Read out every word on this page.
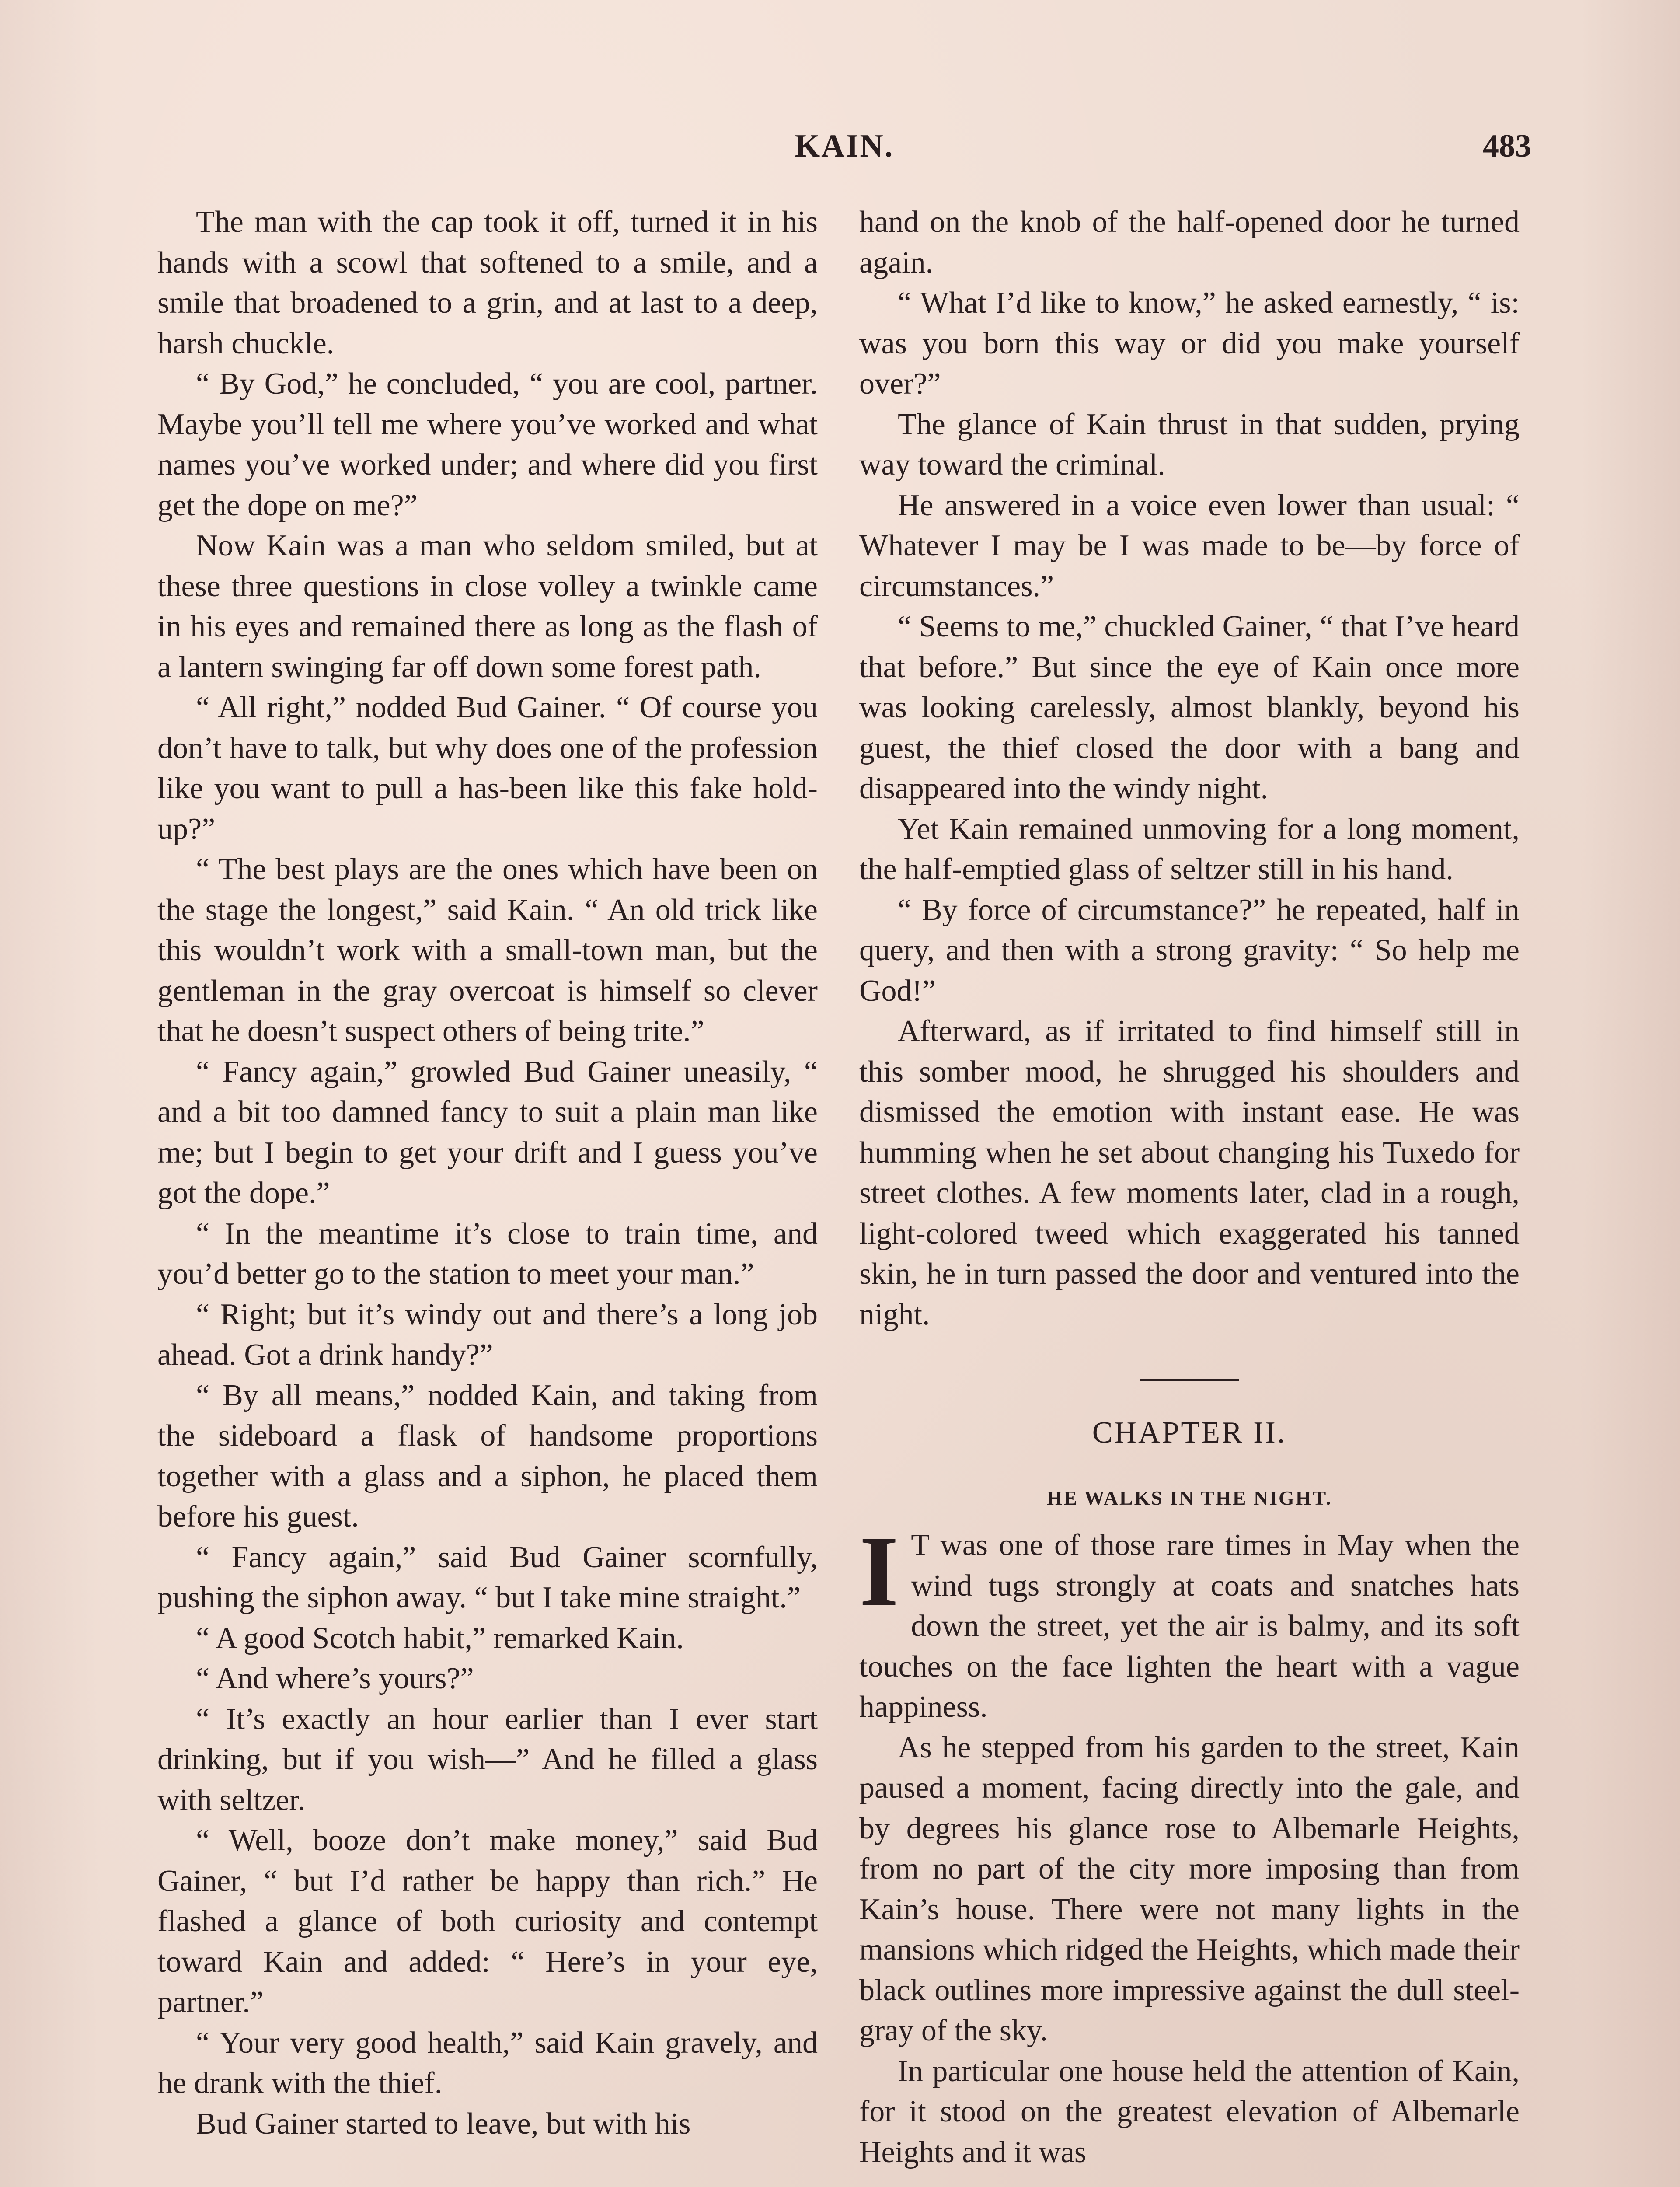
KAIN.	483

The man with the cap took it off, turned it in his hands with a scowl that softened to a smile, and a smile that broadened to a grin, and at last to a deep, harsh chuckle.

“ By God,” he concluded, “ you are cool, partner. Maybe you’ll tell me where you’ve worked and what names you’ve worked under; and where did you first get the dope on me?”

Now Kain was a man who seldom smiled, but at these three questions in close volley a twinkle came in his eyes and remained there as long as the flash of a lantern swinging far off down some forest path.

“ All right,” nodded Bud Gainer. “ Of course you don’t have to talk, but why does one of the profession like you want to pull a has-been like this fake hold-up?”

“ The best plays are the ones which have been on the stage the longest,” said Kain. “ An old trick like this wouldn’t work with a small-town man, but the gentleman in the gray overcoat is himself so clever that he doesn’t suspect others of being trite.”

“ Fancy again,” growled Bud Gainer uneasily, “ and a bit too damned fancy to suit a plain man like me; but I begin to get your drift and I guess you’ve got the dope.”

“ In the meantime it’s close to train time, and you’d better go to the station to meet your man.”

“ Right; but it’s windy out and there’s a long job ahead. Got a drink handy?”

“ By all means,” nodded Kain, and taking from the sideboard a flask of handsome proportions together with a glass and a siphon, he placed them before his guest.

“ Fancy again,” said Bud Gainer scornfully, pushing the siphon away. “ but I take mine straight.”

“ A good Scotch habit,” remarked Kain.

“ And where’s yours?”

“ It’s exactly an hour earlier than I ever start drinking, but if you wish—” And he filled a glass with seltzer.

“ Well, booze don’t make money,” said Bud Gainer, “ but I’d rather be happy than rich.” He flashed a glance of both curiosity and contempt toward Kain and added: “ Here’s in your eye, partner.”

“ Your very good health,” said Kain gravely, and he drank with the thief.

Bud Gainer started to leave, but with his

hand on the knob of the half-opened door he turned again.

“ What I’d like to know,” he asked earnestly, “ is: was you born this way or did you make yourself over?”

The glance of Kain thrust in that sudden, prying way toward the criminal.

He answered in a voice even lower than usual: “ Whatever I may be I was made to be—by force of circumstances.”

“ Seems to me,” chuckled Gainer, “ that I’ve heard that before.” But since the eye of Kain once more was looking carelessly, almost blankly, beyond his guest, the thief closed the door with a bang and disappeared into the windy night.

Yet Kain remained unmoving for a long moment, the half-emptied glass of seltzer still in his hand.

“ By force of circumstance?” he repeated, half in query, and then with a strong gravity: “ So help me God!”

Afterward, as if irritated to find himself still in this somber mood, he shrugged his shoulders and dismissed the emotion with instant ease. He was humming when he set about changing his Tuxedo for street clothes. A few moments later, clad in a rough, light-colored tweed which exaggerated his tanned skin, he in turn passed the door and ventured into the night.

CHAPTER II.
HE WALKS IN THE NIGHT.

I T was one of those rare times in May when the wind tugs strongly at coats and snatches hats down the street, yet the air is balmy, and its soft touches on the face lighten the heart with a vague happiness.

As he stepped from his garden to the street, Kain paused a moment, facing directly into the gale, and by degrees his glance rose to Albemarle Heights, from no part of the city more imposing than from Kain’s house. There were not many lights in the mansions which ridged the Heights, which made their black outlines more impressive against the dull steel-gray of the sky.

In particular one house held the attention of Kain, for it stood on the greatest elevation of Albemarle Heights and it was
